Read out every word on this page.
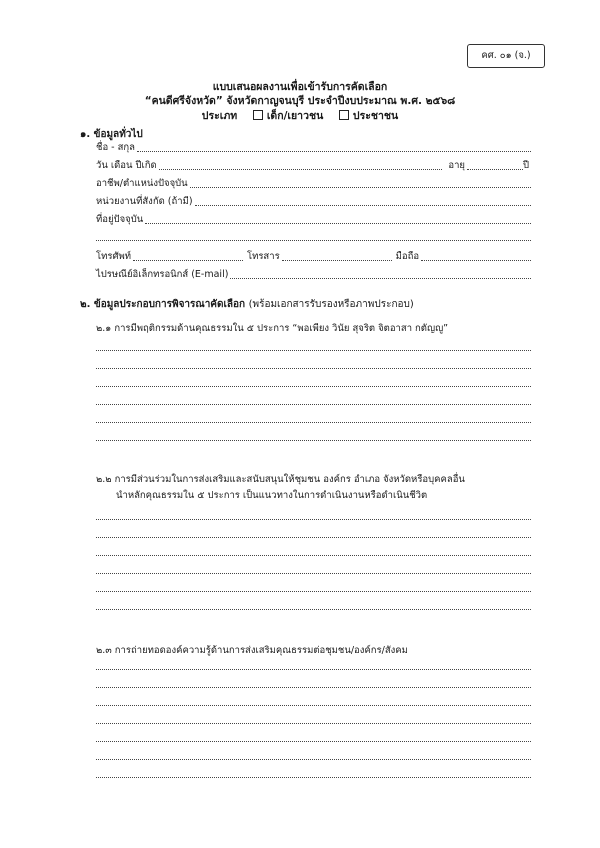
คศ. ๐๑ (จ.)
แบบเสนอผลงานเพื่อเข้ารับการคัดเลือก
“คนดีศรีจังหวัด” จังหวัดกาญจนบุรี ประจำปีงบประมาณ พ.ศ. ๒๕๖๘
ประเภท	เด็ก/เยาวชน	ประชาชน
๑. ข้อมูลทั่วไป
ชื่อ - สกุล
วัน เดือน ปีเกิด	อายุ	ปี
อาชีพ/ตำแหน่งปัจจุบัน
หน่วยงานที่สังกัด (ถ้ามี)
ที่อยู่ปัจจุบัน
โทรศัพท์	โทรสาร	มือถือ
ไปรษณีย์อิเล็กทรอนิกส์ (E-mail)
๒. ข้อมูลประกอบการพิจารณาคัดเลือก (พร้อมเอกสารรับรองหรือภาพประกอบ)
๒.๑ การมีพฤติกรรมด้านคุณธรรมใน ๕ ประการ “พอเพียง วินัย สุจริต จิตอาสา กตัญญู”
๒.๒ การมีส่วนร่วมในการส่งเสริมและสนับสนุนให้ชุมชน องค์กร อำเภอ จังหวัดหรือบุคคลอื่น
นำหลักคุณธรรมใน ๕ ประการ เป็นแนวทางในการดำเนินงานหรือดำเนินชีวิต
๒.๓ การถ่ายทอดองค์ความรู้ด้านการส่งเสริมคุณธรรมต่อชุมชน/องค์กร/สังคม
